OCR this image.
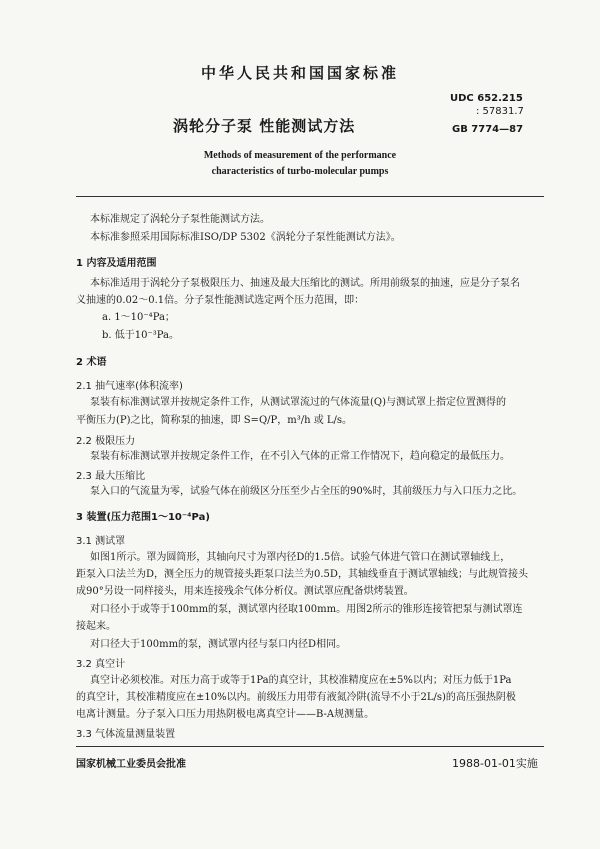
中华人民共和国国家标准
UDC 652.215
: 57831.7
涡轮分子泵 性能测试方法	GB 7774—87
Methods of measurement of the performance
characteristics of turbo-molecular pumps
本标准规定了涡轮分子泵性能测试方法。
本标准参照采用国际标准ISO/DP 5302《涡轮分子泵性能测试方法》。
1 内容及适用范围
本标准适用于涡轮分子泵极限压力、抽速及最大压缩比的测试。所用前级泵的抽速，应是分子泵名
义抽速的0.02～0.1倍。分子泵性能测试选定两个压力范围，即：
a. 1～10⁻⁴Pa；
b. 低于10⁻³Pa。
2 术语
2.1 抽气速率(体积流率)
泵装有标准测试罩并按规定条件工作，从测试罩流过的气体流量(Q)与测试罩上指定位置测得的
平衡压力(P)之比，简称泵的抽速，即 S=Q/P，m³/h 或 L/s。
2.2 极限压力
泵装有标准测试罩并按规定条件工作，在不引入气体的正常工作情况下，趋向稳定的最低压力。
2.3 最大压缩比
泵入口的气流量为零，试验气体在前级区分压至少占全压的90%时，其前级压力与入口压力之比。
3 装置(压力范围1～10⁻⁴Pa)
3.1 测试罩
如图1所示。罩为圆筒形，其轴向尺寸为罩内径D的1.5倍。试验气体进气管口在测试罩轴线上，
距泵入口法兰为D，测全压力的规管接头距泵口法兰为0.5D，其轴线垂直于测试罩轴线；与此规管接头
成90°另设一同样接头，用来连接残余气体分析仪。测试罩应配备烘烤装置。
对口径小于或等于100mm的泵，测试罩内径取100mm。用图2所示的锥形连接管把泵与测试罩连
接起来。
对口径大于100mm的泵，测试罩内径与泵口内径D相同。
3.2 真空计
真空计必须校准。对压力高于或等于1Pa的真空计，其校准精度应在±5%以内；对压力低于1Pa
的真空计，其校准精度应在±10%以内。前级压力用带有液氮冷阱(流导不小于2L/s)的高压强热阴极
电离计测量。分子泵入口压力用热阴极电离真空计——B-A规测量。
3.3 气体流量测量装置
国家机械工业委员会批准	1988-01-01实施
